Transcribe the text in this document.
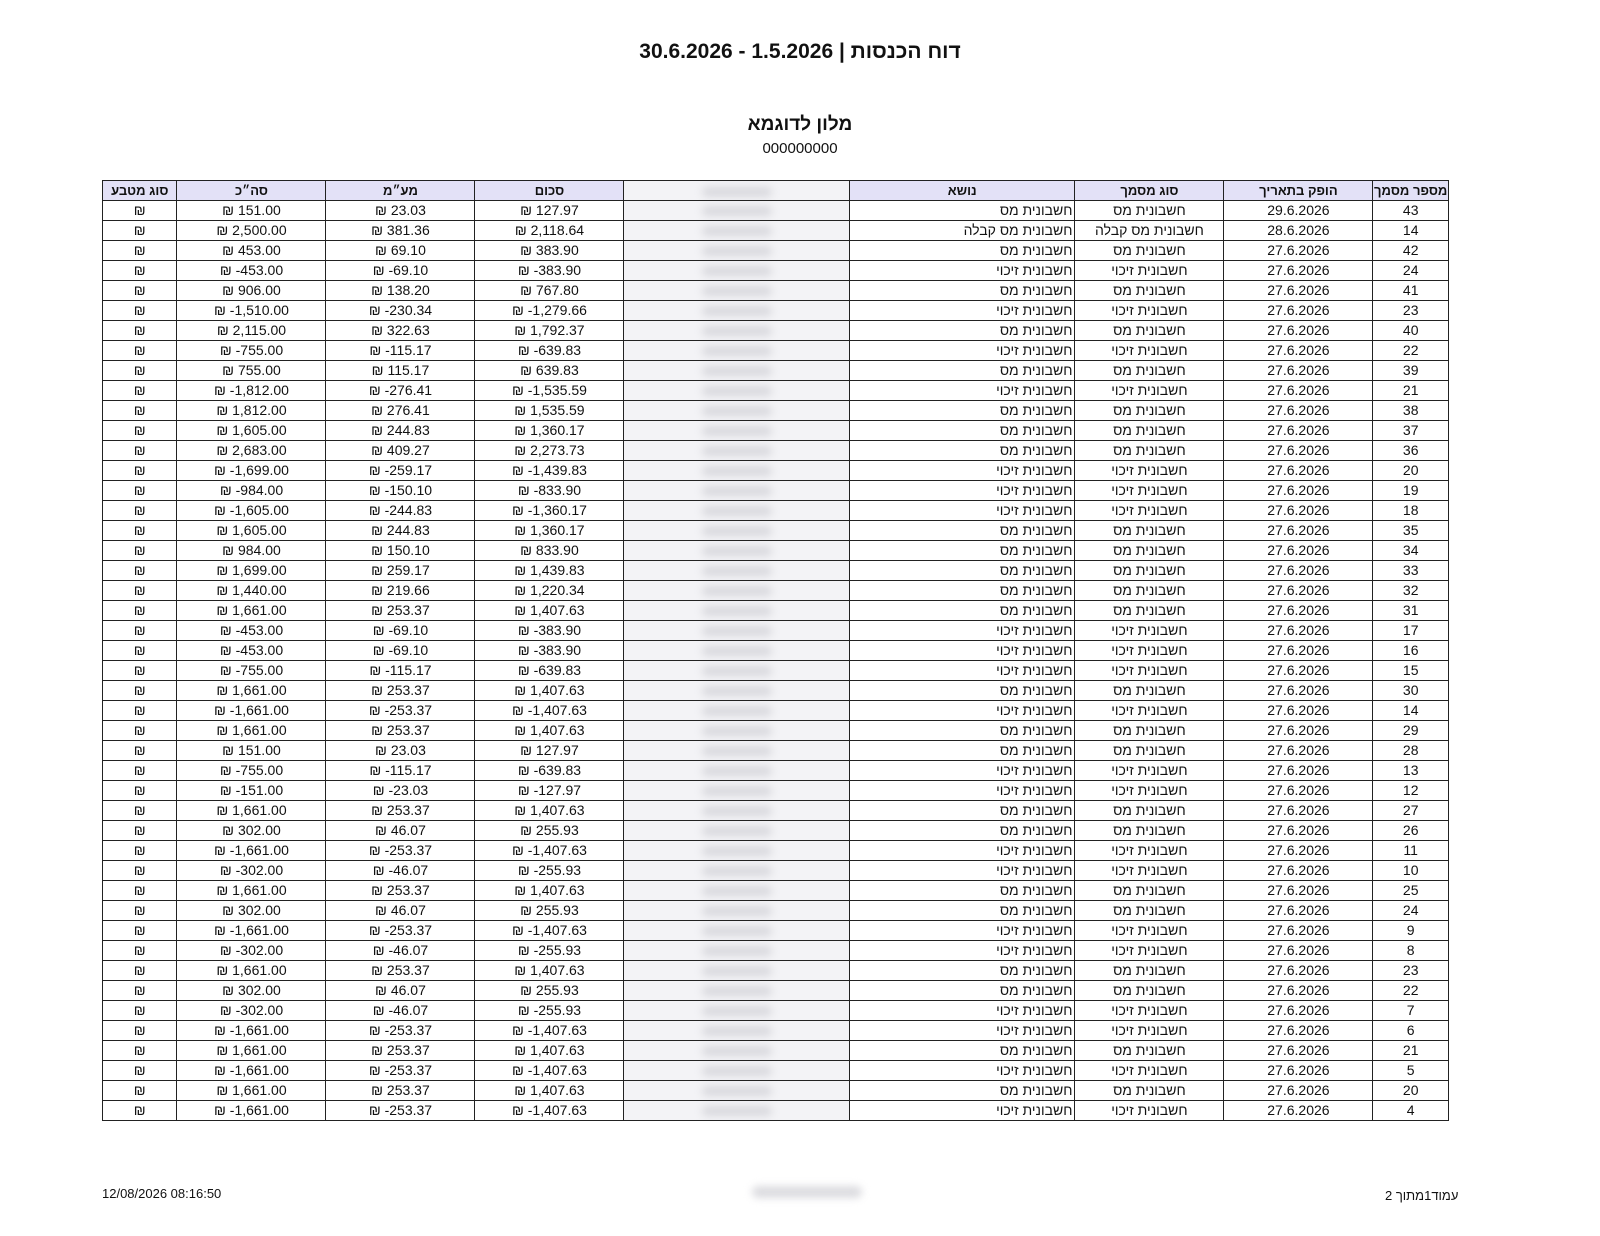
דוח הכנסות | 1.5.2026 - 30.6.2026
מלון לדוגמא
000000000
סוג מטבע	סה״כ	מע״מ	סכום		נושא	סוג מסמך	הופק בתאריך	מספר מסמך
₪	₪ 151.00	₪ 23.03	₪ 127.97		חשבונית מס	חשבונית מס	29.6.2026	43
₪	₪ 2,500.00	₪ 381.36	₪ 2,118.64		חשבונית מס קבלה	חשבונית מס קבלה	28.6.2026	14
₪	₪ 453.00	₪ 69.10	₪ 383.90		חשבונית מס	חשבונית מס	27.6.2026	42
₪	₪ -453.00	₪ -69.10	₪ -383.90		חשבונית זיכוי	חשבונית זיכוי	27.6.2026	24
₪	₪ 906.00	₪ 138.20	₪ 767.80		חשבונית מס	חשבונית מס	27.6.2026	41
₪	₪ -1,510.00	₪ -230.34	₪ -1,279.66		חשבונית זיכוי	חשבונית זיכוי	27.6.2026	23
₪	₪ 2,115.00	₪ 322.63	₪ 1,792.37		חשבונית מס	חשבונית מס	27.6.2026	40
₪	₪ -755.00	₪ -115.17	₪ -639.83		חשבונית זיכוי	חשבונית זיכוי	27.6.2026	22
₪	₪ 755.00	₪ 115.17	₪ 639.83		חשבונית מס	חשבונית מס	27.6.2026	39
₪	₪ -1,812.00	₪ -276.41	₪ -1,535.59		חשבונית זיכוי	חשבונית זיכוי	27.6.2026	21
₪	₪ 1,812.00	₪ 276.41	₪ 1,535.59		חשבונית מס	חשבונית מס	27.6.2026	38
₪	₪ 1,605.00	₪ 244.83	₪ 1,360.17		חשבונית מס	חשבונית מס	27.6.2026	37
₪	₪ 2,683.00	₪ 409.27	₪ 2,273.73		חשבונית מס	חשבונית מס	27.6.2026	36
₪	₪ -1,699.00	₪ -259.17	₪ -1,439.83		חשבונית זיכוי	חשבונית זיכוי	27.6.2026	20
₪	₪ -984.00	₪ -150.10	₪ -833.90		חשבונית זיכוי	חשבונית זיכוי	27.6.2026	19
₪	₪ -1,605.00	₪ -244.83	₪ -1,360.17		חשבונית זיכוי	חשבונית זיכוי	27.6.2026	18
₪	₪ 1,605.00	₪ 244.83	₪ 1,360.17		חשבונית מס	חשבונית מס	27.6.2026	35
₪	₪ 984.00	₪ 150.10	₪ 833.90		חשבונית מס	חשבונית מס	27.6.2026	34
₪	₪ 1,699.00	₪ 259.17	₪ 1,439.83		חשבונית מס	חשבונית מס	27.6.2026	33
₪	₪ 1,440.00	₪ 219.66	₪ 1,220.34		חשבונית מס	חשבונית מס	27.6.2026	32
₪	₪ 1,661.00	₪ 253.37	₪ 1,407.63		חשבונית מס	חשבונית מס	27.6.2026	31
₪	₪ -453.00	₪ -69.10	₪ -383.90		חשבונית זיכוי	חשבונית זיכוי	27.6.2026	17
₪	₪ -453.00	₪ -69.10	₪ -383.90		חשבונית זיכוי	חשבונית זיכוי	27.6.2026	16
₪	₪ -755.00	₪ -115.17	₪ -639.83		חשבונית זיכוי	חשבונית זיכוי	27.6.2026	15
₪	₪ 1,661.00	₪ 253.37	₪ 1,407.63		חשבונית מס	חשבונית מס	27.6.2026	30
₪	₪ -1,661.00	₪ -253.37	₪ -1,407.63		חשבונית זיכוי	חשבונית זיכוי	27.6.2026	14
₪	₪ 1,661.00	₪ 253.37	₪ 1,407.63		חשבונית מס	חשבונית מס	27.6.2026	29
₪	₪ 151.00	₪ 23.03	₪ 127.97		חשבונית מס	חשבונית מס	27.6.2026	28
₪	₪ -755.00	₪ -115.17	₪ -639.83		חשבונית זיכוי	חשבונית זיכוי	27.6.2026	13
₪	₪ -151.00	₪ -23.03	₪ -127.97		חשבונית זיכוי	חשבונית זיכוי	27.6.2026	12
₪	₪ 1,661.00	₪ 253.37	₪ 1,407.63		חשבונית מס	חשבונית מס	27.6.2026	27
₪	₪ 302.00	₪ 46.07	₪ 255.93		חשבונית מס	חשבונית מס	27.6.2026	26
₪	₪ -1,661.00	₪ -253.37	₪ -1,407.63		חשבונית זיכוי	חשבונית זיכוי	27.6.2026	11
₪	₪ -302.00	₪ -46.07	₪ -255.93		חשבונית זיכוי	חשבונית זיכוי	27.6.2026	10
₪	₪ 1,661.00	₪ 253.37	₪ 1,407.63		חשבונית מס	חשבונית מס	27.6.2026	25
₪	₪ 302.00	₪ 46.07	₪ 255.93		חשבונית מס	חשבונית מס	27.6.2026	24
₪	₪ -1,661.00	₪ -253.37	₪ -1,407.63		חשבונית זיכוי	חשבונית זיכוי	27.6.2026	9
₪	₪ -302.00	₪ -46.07	₪ -255.93		חשבונית זיכוי	חשבונית זיכוי	27.6.2026	8
₪	₪ 1,661.00	₪ 253.37	₪ 1,407.63		חשבונית מס	חשבונית מס	27.6.2026	23
₪	₪ 302.00	₪ 46.07	₪ 255.93		חשבונית מס	חשבונית מס	27.6.2026	22
₪	₪ -302.00	₪ -46.07	₪ -255.93		חשבונית זיכוי	חשבונית זיכוי	27.6.2026	7
₪	₪ -1,661.00	₪ -253.37	₪ -1,407.63		חשבונית זיכוי	חשבונית זיכוי	27.6.2026	6
₪	₪ 1,661.00	₪ 253.37	₪ 1,407.63		חשבונית מס	חשבונית מס	27.6.2026	21
₪	₪ -1,661.00	₪ -253.37	₪ -1,407.63		חשבונית זיכוי	חשבונית זיכוי	27.6.2026	5
₪	₪ 1,661.00	₪ 253.37	₪ 1,407.63		חשבונית מס	חשבונית מס	27.6.2026	20
₪	₪ -1,661.00	₪ -253.37	₪ -1,407.63		חשבונית זיכוי	חשבונית זיכוי	27.6.2026	4
12/08/2026 08:16:50	עמוד1מתוך 2
